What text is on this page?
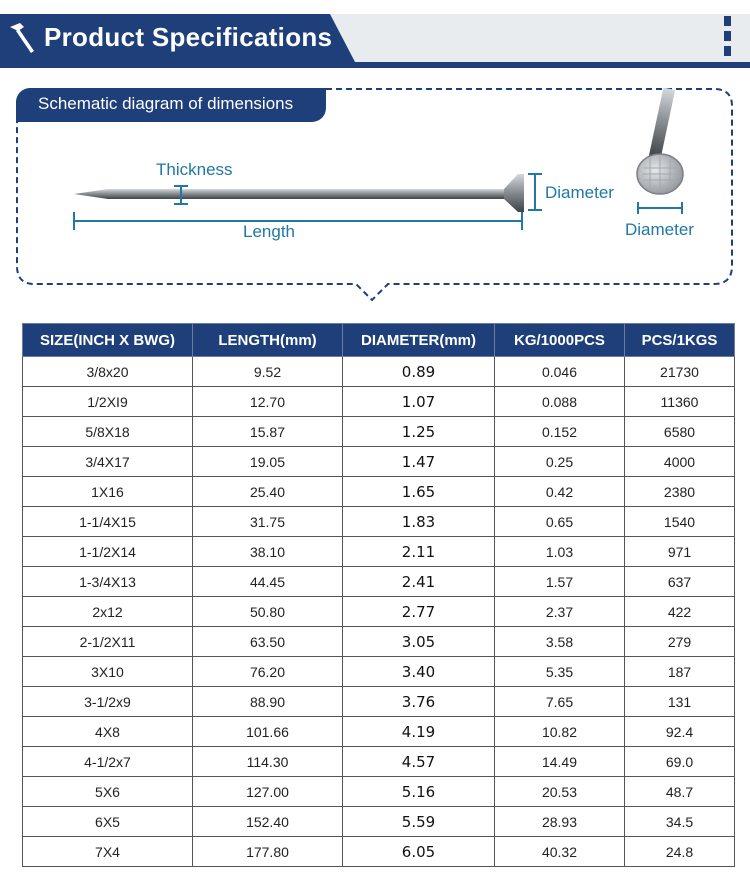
Product Specifications
Schematic diagram of dimensions
Thickness
Length
Diameter
Diameter
SIZE(INCH X BWG)	LENGTH(mm)	DIAMETER(mm)	KG/1000PCS	PCS/1KGS
3/8x20	9.52	0.89	0.046	21730
1/2XI9	12.70	1.07	0.088	11360
5/8X18	15.87	1.25	0.152	6580
3/4X17	19.05	1.47	0.25	4000
1X16	25.40	1.65	0.42	2380
1-1/4X15	31.75	1.83	0.65	1540
1-1/2X14	38.10	2.11	1.03	971
1-3/4X13	44.45	2.41	1.57	637
2x12	50.80	2.77	2.37	422
2-1/2X11	63.50	3.05	3.58	279
3X10	76.20	3.40	5.35	187
3-1/2x9	88.90	3.76	7.65	131
4X8	101.66	4.19	10.82	92.4
4-1/2x7	114.30	4.57	14.49	69.0
5X6	127.00	5.16	20.53	48.7
6X5	152.40	5.59	28.93	34.5
7X4	177.80	6.05	40.32	24.8
